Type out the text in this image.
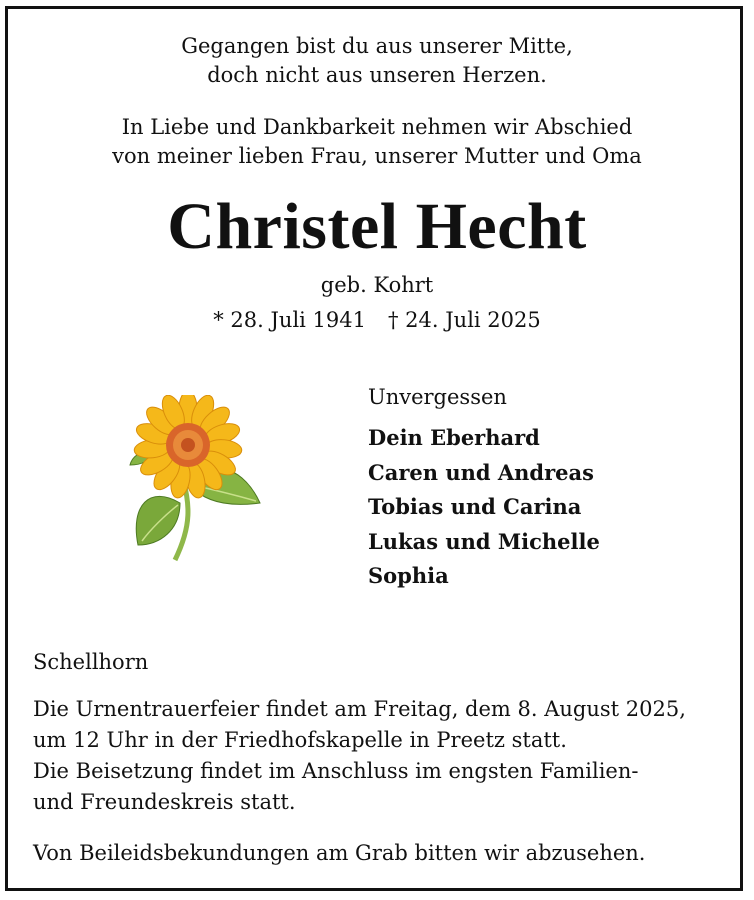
Gegangen bist du aus unserer Mitte,
doch nicht aus unseren Herzen.
In Liebe und Dankbarkeit nehmen wir Abschied
von meiner lieben Frau, unserer Mutter und Oma
Christel Hecht
geb. Kohrt
* 28. Juli 1941 † 24. Juli 2025
Unvergessen
Dein Eberhard
Caren und Andreas
Tobias und Carina
Lukas und Michelle
Sophia
Schellhorn
Die Urnentrauerfeier findet am Freitag, dem 8. August 2025,
um 12 Uhr in der Friedhofskapelle in Preetz statt.
Die Beisetzung findet im Anschluss im engsten Familien-
und Freundeskreis statt.
Von Beileidsbekundungen am Grab bitten wir abzusehen.
